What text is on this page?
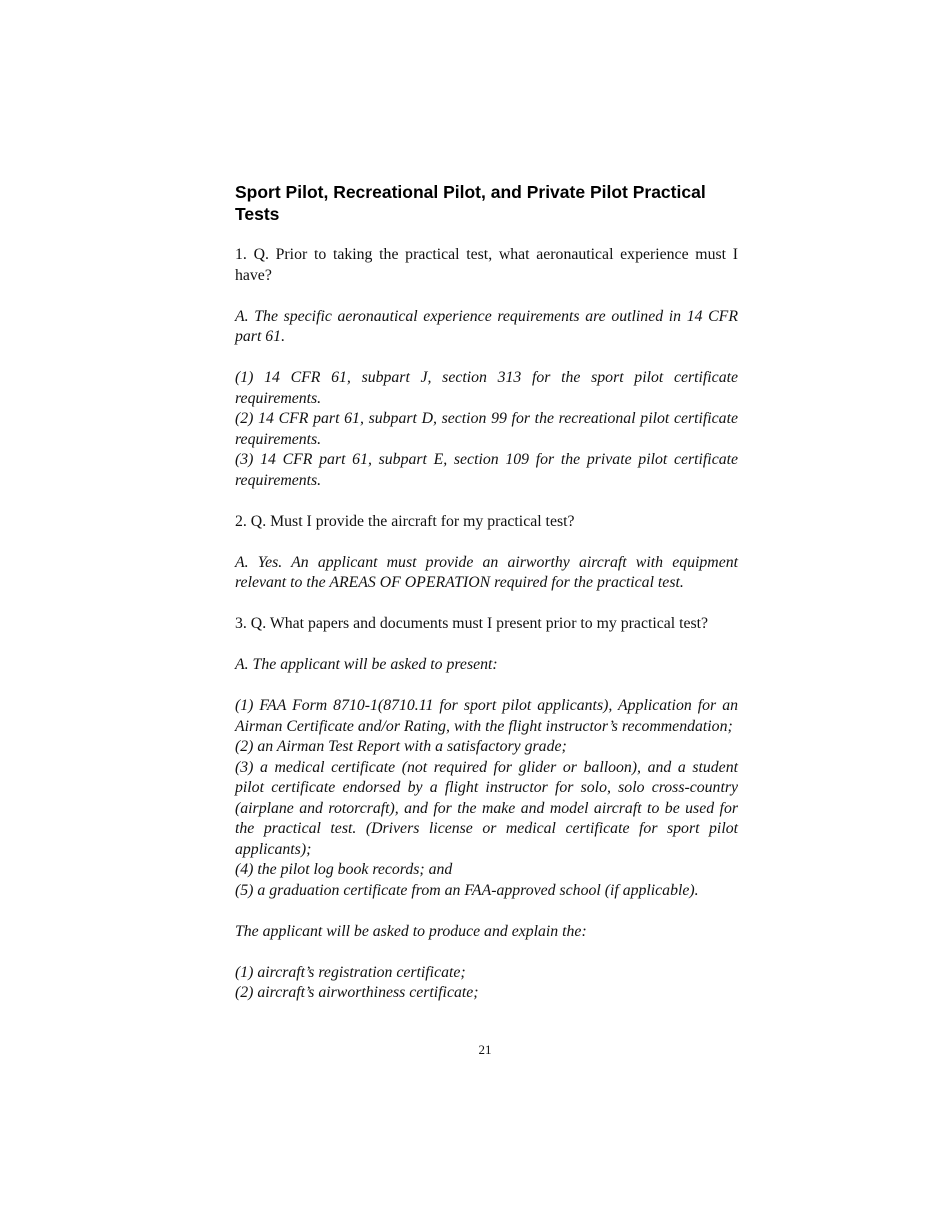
Sport Pilot, Recreational Pilot, and Private Pilot Practical Tests

1. Q. Prior to taking the practical test, what aeronautical experience must I have?

A. The specific aeronautical experience requirements are outlined in 14 CFR part 61.

(1) 14 CFR 61, subpart J, section 313 for the sport pilot certificate requirements.

(2) 14 CFR part 61, subpart D, section 99 for the recreational pilot certificate requirements.

(3) 14 CFR part 61, subpart E, section 109 for the private pilot certificate requirements.

2. Q. Must I provide the aircraft for my practical test?

A. Yes. An applicant must provide an airworthy aircraft with equipment relevant to the AREAS OF OPERATION required for the practical test.

3. Q. What papers and documents must I present prior to my practical test?

A. The applicant will be asked to present:

(1) FAA Form 8710-1(8710.11 for sport pilot applicants), Application for an Airman Certificate and/or Rating, with the flight instructor’s recommendation;

(2) an Airman Test Report with a satisfactory grade;

(3) a medical certificate (not required for glider or balloon), and a student pilot certificate endorsed by a flight instructor for solo, solo cross-country (airplane and rotorcraft), and for the make and model aircraft to be used for the practical test. (Drivers license or medical certificate for sport pilot applicants);

(4) the pilot log book records; and

(5) a graduation certificate from an FAA-approved school (if applicable).

The applicant will be asked to produce and explain the:

(1) aircraft’s registration certificate;

(2) aircraft’s airworthiness certificate;

21
